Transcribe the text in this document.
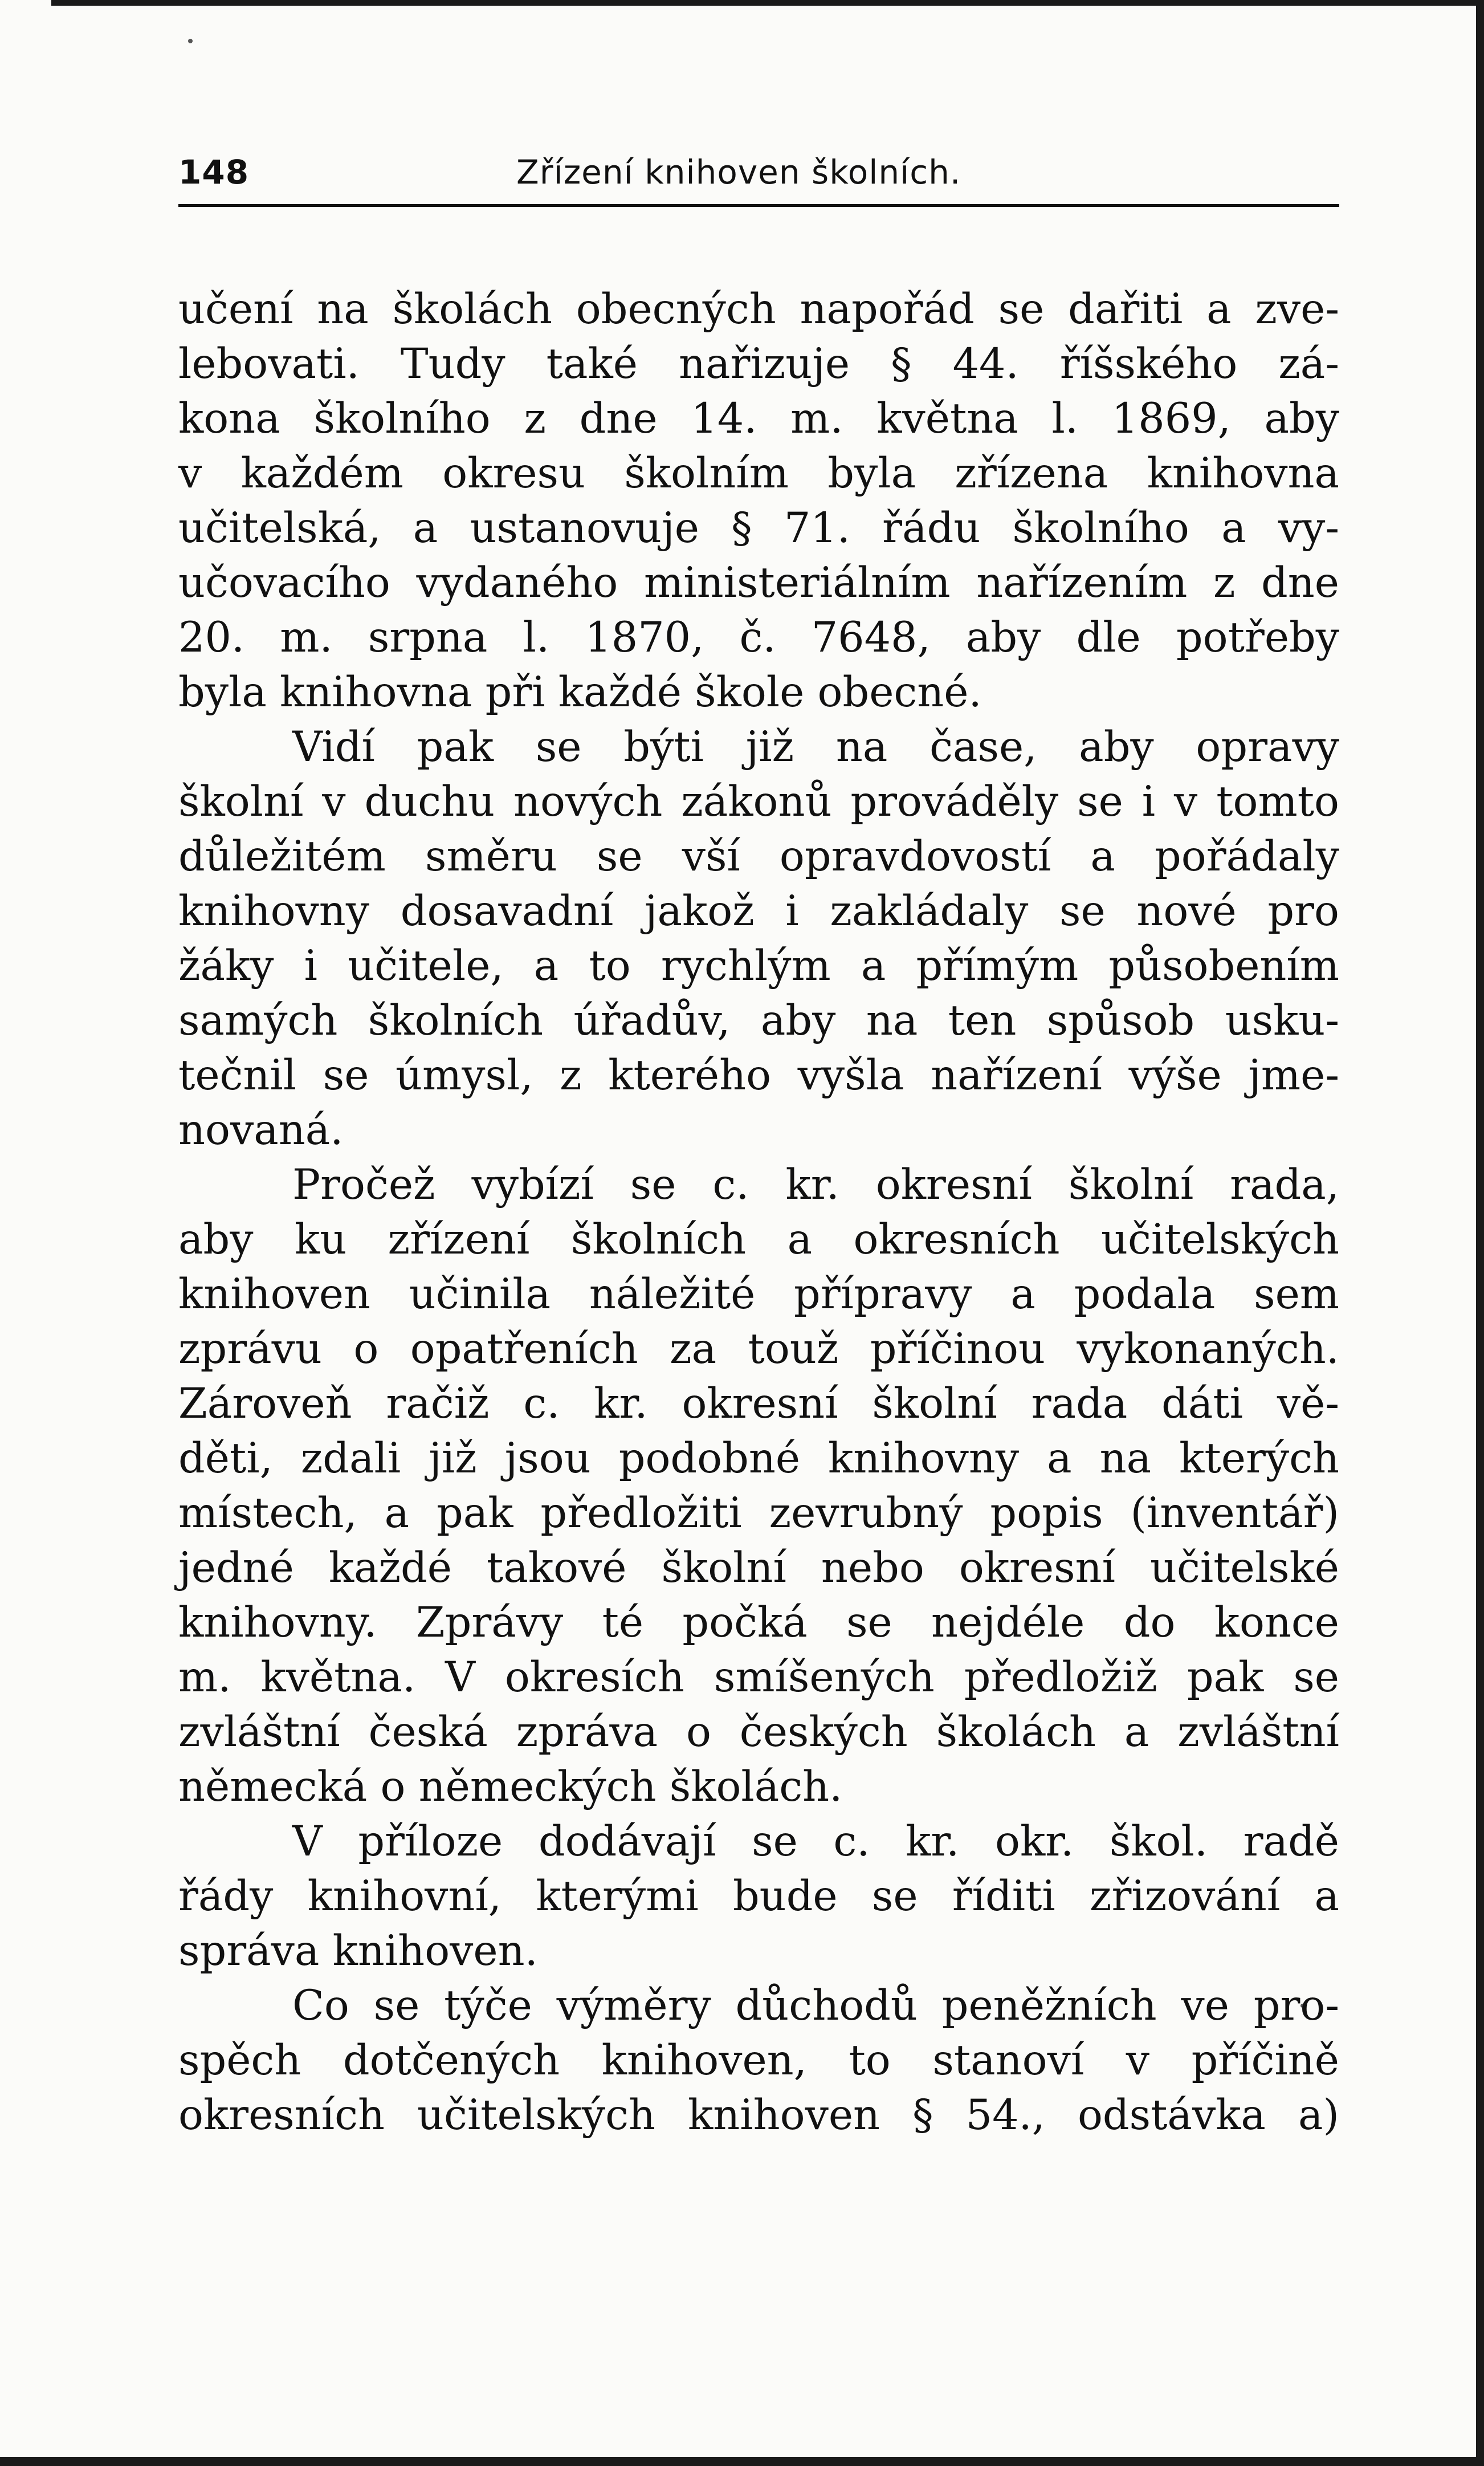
148	Zřízení knihoven školních.
učení na školách obecných napořád se dařiti a zve-
lebovati. Tudy také nařizuje § 44. říšského zá-
kona školního z dne 14. m. května l. 1869, aby
v každém okresu školním byla zřízena knihovna
učitelská, a ustanovuje § 71. řádu školního a vy-
učovacího vydaného ministeriálním nařízením z dne
20. m. srpna l. 1870, č. 7648, aby dle potřeby
byla knihovna při každé škole obecné.
Vidí pak se býti již na čase, aby opravy
školní v duchu nových zákonů prováděly se i v tomto
důležitém směru se vší opravdovostí a pořádaly
knihovny dosavadní jakož i zakládaly se nové pro
žáky i učitele, a to rychlým a přímým působením
samých školních úřadův, aby na ten spůsob usku-
tečnil se úmysl, z kterého vyšla nařízení výše jme-
novaná.
Pročež vybízí se c. kr. okresní školní rada,
aby ku zřízení školních a okresních učitelských
knihoven učinila náležité přípravy a podala sem
zprávu o opatřeních za touž příčinou vykonaných.
Zároveň račiž c. kr. okresní školní rada dáti vě-
děti, zdali již jsou podobné knihovny a na kterých
místech, a pak předložiti zevrubný popis (inventář)
jedné každé takové školní nebo okresní učitelské
knihovny. Zprávy té počká se nejdéle do konce
m. května. V okresích smíšených předložiž pak se
zvláštní česká zpráva o českých školách a zvláštní
německá o německých školách.
V příloze dodávají se c. kr. okr. škol. radě
řády knihovní, kterými bude se říditi zřizování a
správa knihoven.
Co se týče výměry důchodů peněžních ve pro-
spěch dotčených knihoven, to stanoví v příčině
okresních učitelských knihoven § 54., odstávka a)
